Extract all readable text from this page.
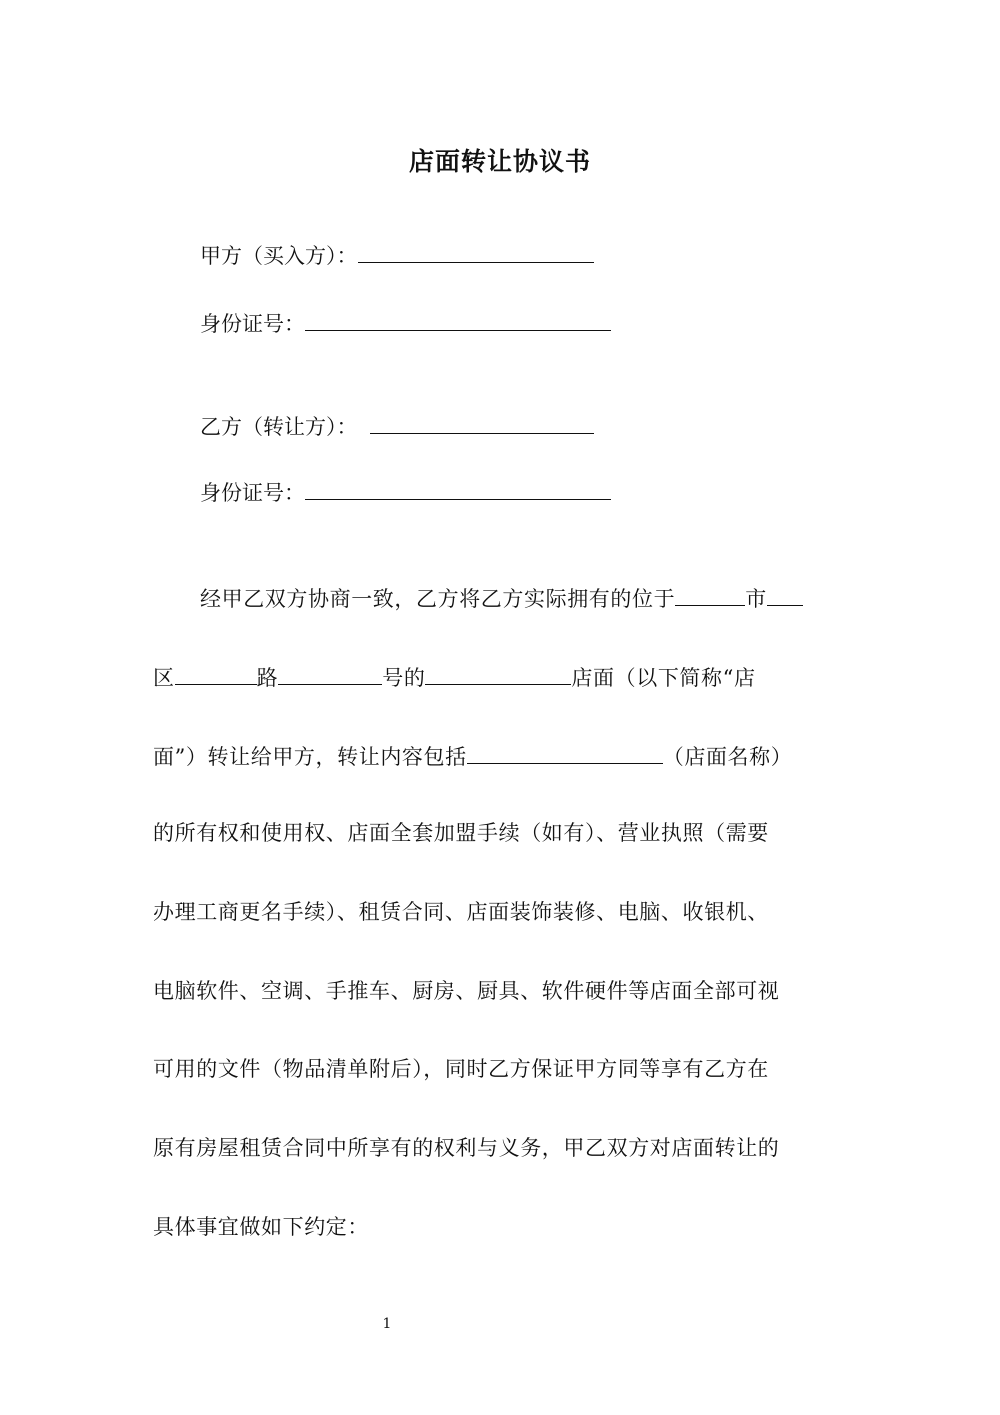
店面转让协议书
甲方（买入方）：
身份证号：
乙方（转让方）：
身份证号：
经甲乙双方协商一致，乙方将乙方实际拥有的位于	市
区	路	号的	店面（以下简称“店
面”）转让给甲方，转让内容包括	（店面名称）
的所有权和使用权、店面全套加盟手续（如有）、营业执照（需要
办理工商更名手续）、租赁合同、店面装饰装修、电脑、收银机、
电脑软件、空调、手推车、厨房、厨具、软件硬件等店面全部可视
可用的文件（物品清单附后），同时乙方保证甲方同等享有乙方在
原有房屋租赁合同中所享有的权利与义务，甲乙双方对店面转让的
具体事宜做如下约定：
1
